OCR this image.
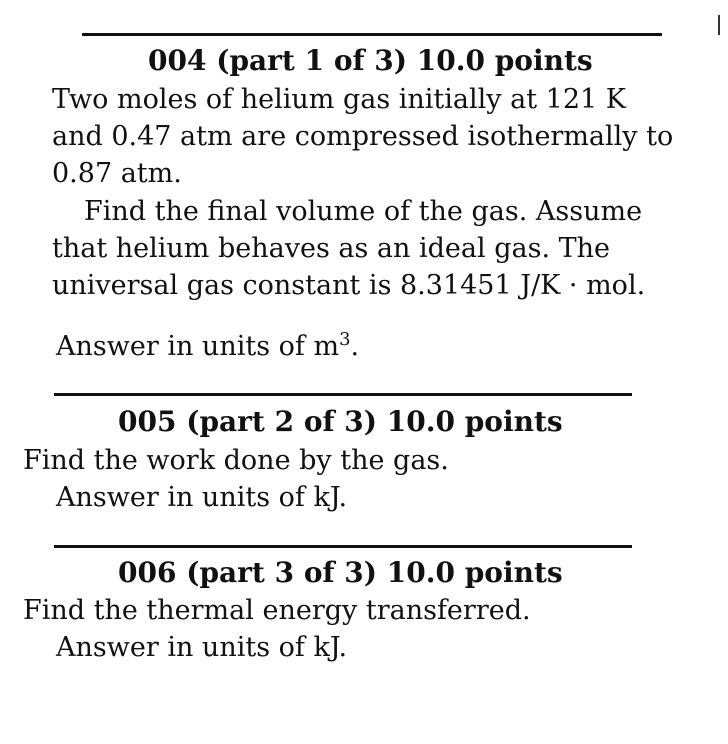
004 (part 1 of 3) 10.0 points
Two moles of helium gas initially at 121 K
and 0.47 atm are compressed isothermally to
0.87 atm.
Find the final volume of the gas. Assume
that helium behaves as an ideal gas. The
universal gas constant is 8.31451 J/K · mol.
Answer in units of $m^3$.
005 (part 2 of 3) 10.0 points
Find the work done by the gas.
Answer in units of kJ.
006 (part 3 of 3) 10.0 points
Find the thermal energy transferred.
Answer in units of kJ.
